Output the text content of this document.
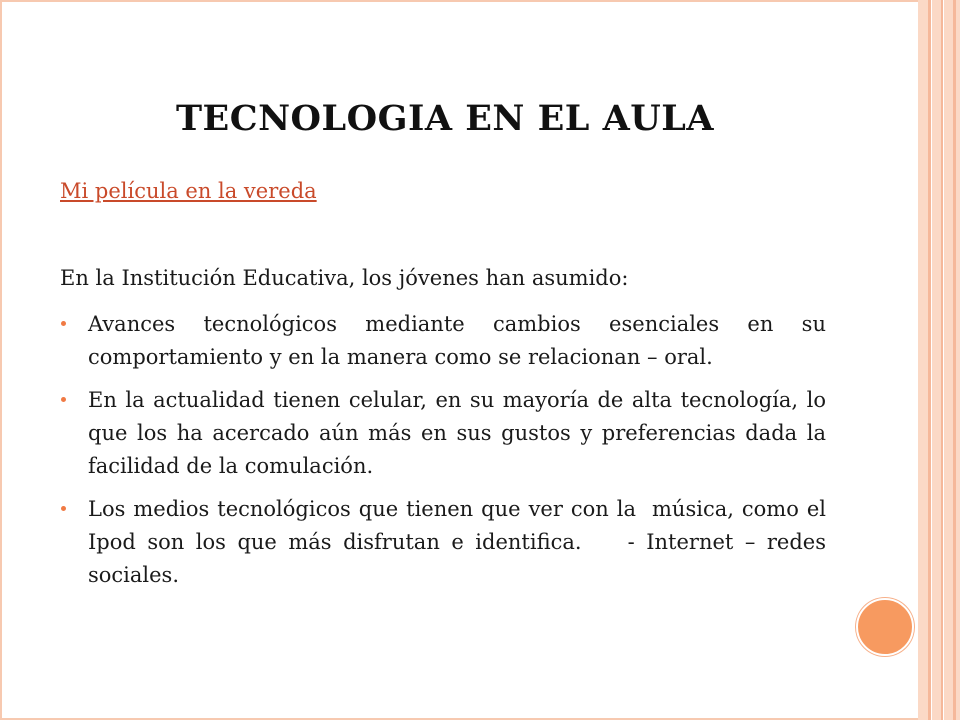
TECNOLOGIA EN EL AULA
Mi película en la vereda

En la Institución Educativa, los jóvenes han asumido:

Avances tecnológicos mediante cambios esenciales en su comportamiento y en la manera como se relacionan – oral.
En la actualidad tienen celular, en su mayoría de alta tecnología, lo que los ha acercado aún más en sus gustos y preferencias dada la facilidad de la comulación.
Los medios tecnológicos que tienen que ver con la  música, como el Ipod son los que más disfrutan e identifica.    - Internet – redes sociales.
